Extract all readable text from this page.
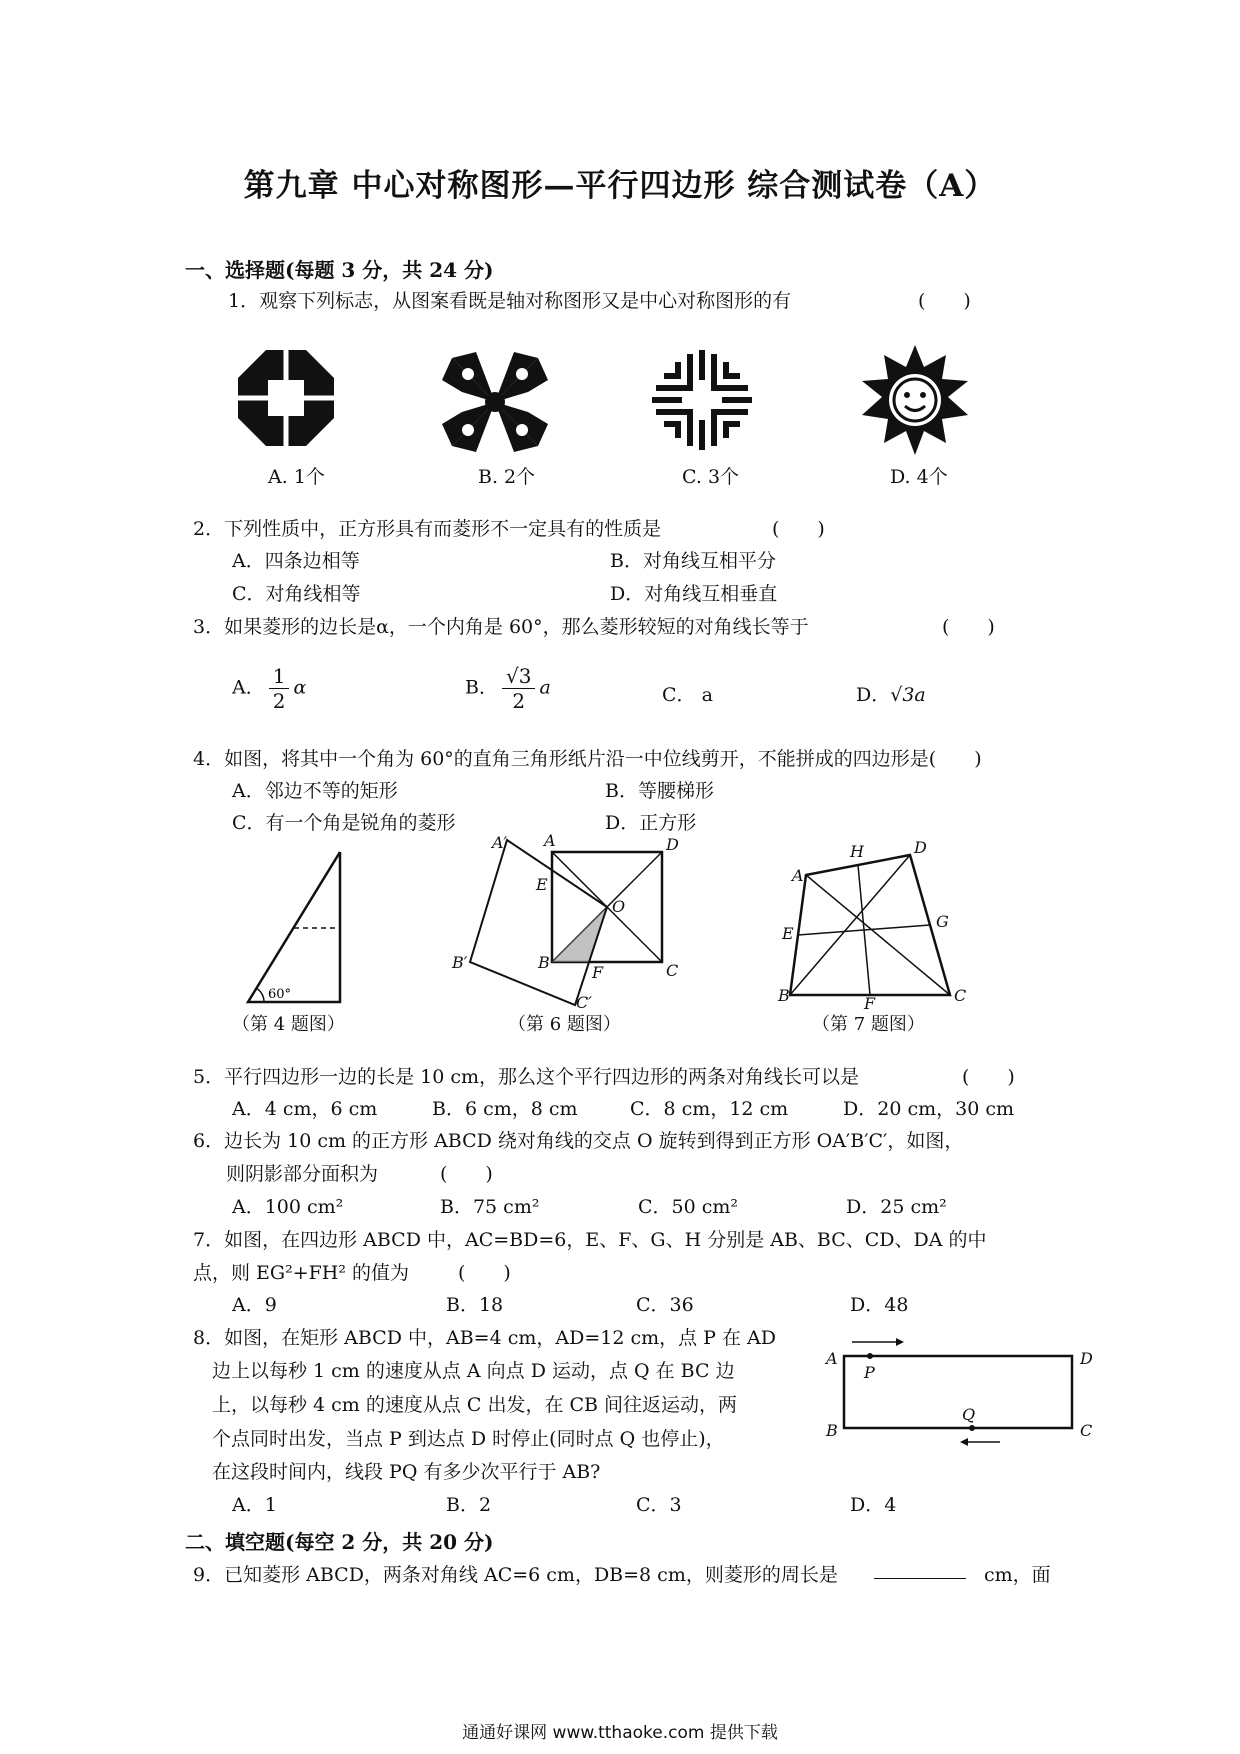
第九章 中心对称图形—平行四边形 综合测试卷（A）
一、选择题(每题 3 分，共 24 分)
1．观察下列标志，从图案看既是轴对称图形又是中心对称图形的有	(　　)
A. 1个	B. 2个	C. 3个	D. 4个
2．下列性质中，正方形具有而菱形不一定具有的性质是	(　　)
A．四条边相等	B．对角线互相平分
C．对角线相等	D．对角线互相垂直
3．如果菱形的边长是α，一个内角是 60°，那么菱形较短的对角线长等于	(　　)
A． $\frac{1}{2}$ α	B． $\frac{√3}{2}$ a	C． a	D．√3a
4．如图，将其中一个角为 60°的直角三角形纸片沿一中位线剪开，不能拼成的四边形是(　　)
A．邻边不等的矩形	B．等腰梯形
C．有一个角是锐角的菱形	D．正方形
60°
（第 4 题图）
A	D
A′
E
O
B′	B
F	C
C′
（第 6 题图）
H	D
A
G
E
B	F	C
（第 7 题图）
5．平行四边形一边的长是 10 cm，那么这个平行四边形的两条对角线长可以是	(　　)
A．4 cm，6 cm	B．6 cm，8 cm	C．8 cm，12 cm	D．20 cm，30 cm
6．边长为 10 cm 的正方形 ABCD 绕对角线的交点 O 旋转到得到正方形 OA′B′C′，如图，
则阴影部分面积为	(　　)
A．100 cm²	B．75 cm²	C．50 cm²	D．25 cm²
7．如图，在四边形 ABCD 中，AC=BD=6，E、F、G、H 分别是 AB、BC、CD、DA 的中
点，则 EG²+FH² 的值为	(　　)
A．9	B．18	C．36	D．48
8．如图，在矩形 ABCD 中，AB=4 cm，AD=12 cm，点 P 在 AD
边上以每秒 1 cm 的速度从点 A 向点 D 运动，点 Q 在 BC 边
上，以每秒 4 cm 的速度从点 C 出发，在 CB 间往返运动，两
个点同时出发，当点 P 到达点 D 时停止(同时点 Q 也停止)，
在这段时间内，线段 PQ 有多少次平行于 AB?
A．1	B．2	C．3	D．4
A	D
B	C
P
Q
二、填空题(每空 2 分，共 20 分)
9．已知菱形 ABCD，两条对角线 AC=6 cm，DB=8 cm，则菱形的周长是	cm，面
通通好课网 www.tthaoke.com 提供下载
